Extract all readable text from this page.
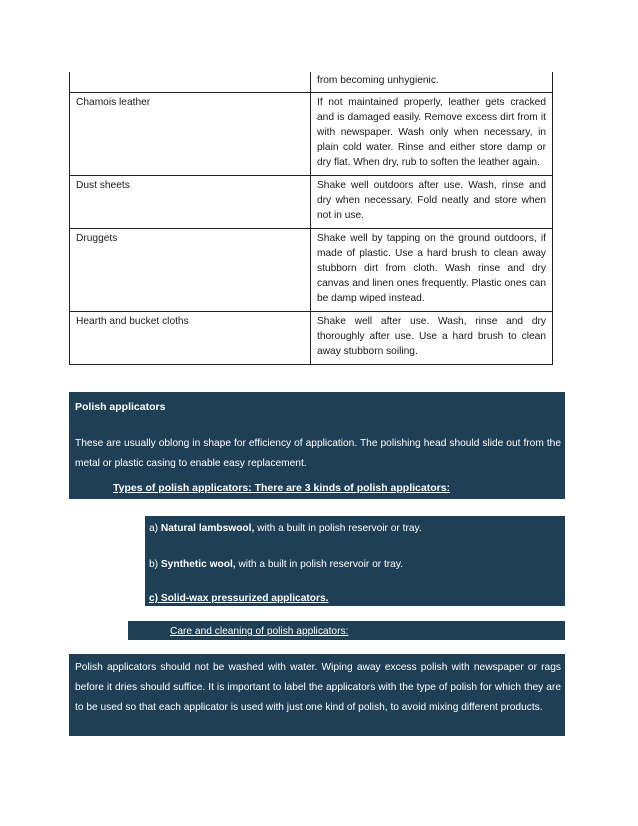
	from becoming unhygienic.
Chamois leather	If not maintained properly, leather gets cracked and is damaged easily. Remove excess dirt from it with newspaper. Wash only when necessary, in plain cold water. Rinse and either store damp or dry flat. When dry, rub to soften the leather again.
Dust sheets	Shake well outdoors after use. Wash, rinse and dry when necessary. Fold neatly and store when not in use.
Druggets	Shake well by tapping on the ground outdoors, if made of plastic. Use a hard brush to clean away stubborn dirt from cloth. Wash rinse and dry canvas and linen ones frequently. Plastic ones can be damp wiped instead.
Hearth and bucket cloths	Shake well after use. Wash, rinse and dry thoroughly after use. Use a hard brush to clean away stubborn soiling.
Polish applicators
These are usually oblong in shape for efficiency of application. The polishing head should slide out from the metal or plastic casing to enable easy replacement.
Types of polish applicators: There are 3 kinds of polish applicators:
a) Natural lambswool, with a built in polish reservoir or tray.
b) Synthetic wool, with a built in polish reservoir or tray.
c) Solid-wax pressurized applicators.
Care and cleaning of polish applicators:
Polish applicators should not be washed with water. Wiping away excess polish with newspaper or rags before it dries should suffice. It is important to label the applicators with the type of polish for which they are to be used so that each applicator is used with just one kind of polish, to avoid mixing different products.
